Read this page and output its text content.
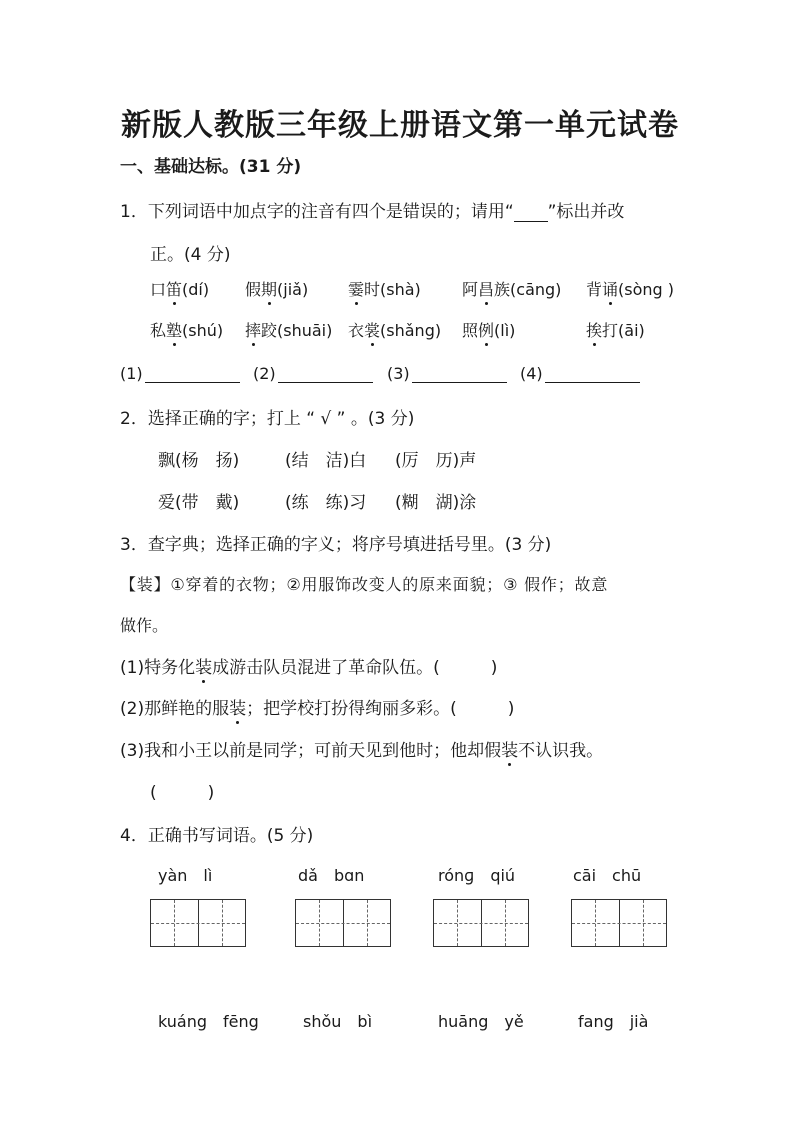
新版人教版三年级上册语文第一单元试卷
一、基础达标。(31 分)
1．下列词语中加点字的注音有四个是错误的；请用“ ”标出并改
正。(4 分)
口笛(dí) 假期(jiǎ) 霎时(shà)	阿昌族(cāng) 背诵(sòng )
私塾(shú) 摔跤(shuāi) 衣裳(shǎng) 照例(lì)	挨打(āi)
(1)	(2)	(3)	(4)
2．选择正确的字；打上 “ √ ” 。(3 分)
飘(杨　扬)	(结　洁)白 (厉　历)声
爱(带　戴)	(练　练)习 (糊　湖)涂
3．查字典；选择正确的字义；将序号填进括号里。(3 分)
【装】①穿着的衣物；②用服饰改变人的原来面貌；③ 假作；故意
做作。
(1)特务化装成游击队员混进了革命队伍。(　　　)
(2)那鲜艳的服装；把学校打扮得绚丽多彩。(　　　)
(3)我和小王以前是同学；可前天见到他时；他却假装不认识我。
(　　　)
4．正确书写词语。(5 分)
yàn　lì	dǎ　bɑn	rónɡ　qiú	cāi　chū
kuáng　fēng	shǒu　bì	huāng　yě	fang　jià
